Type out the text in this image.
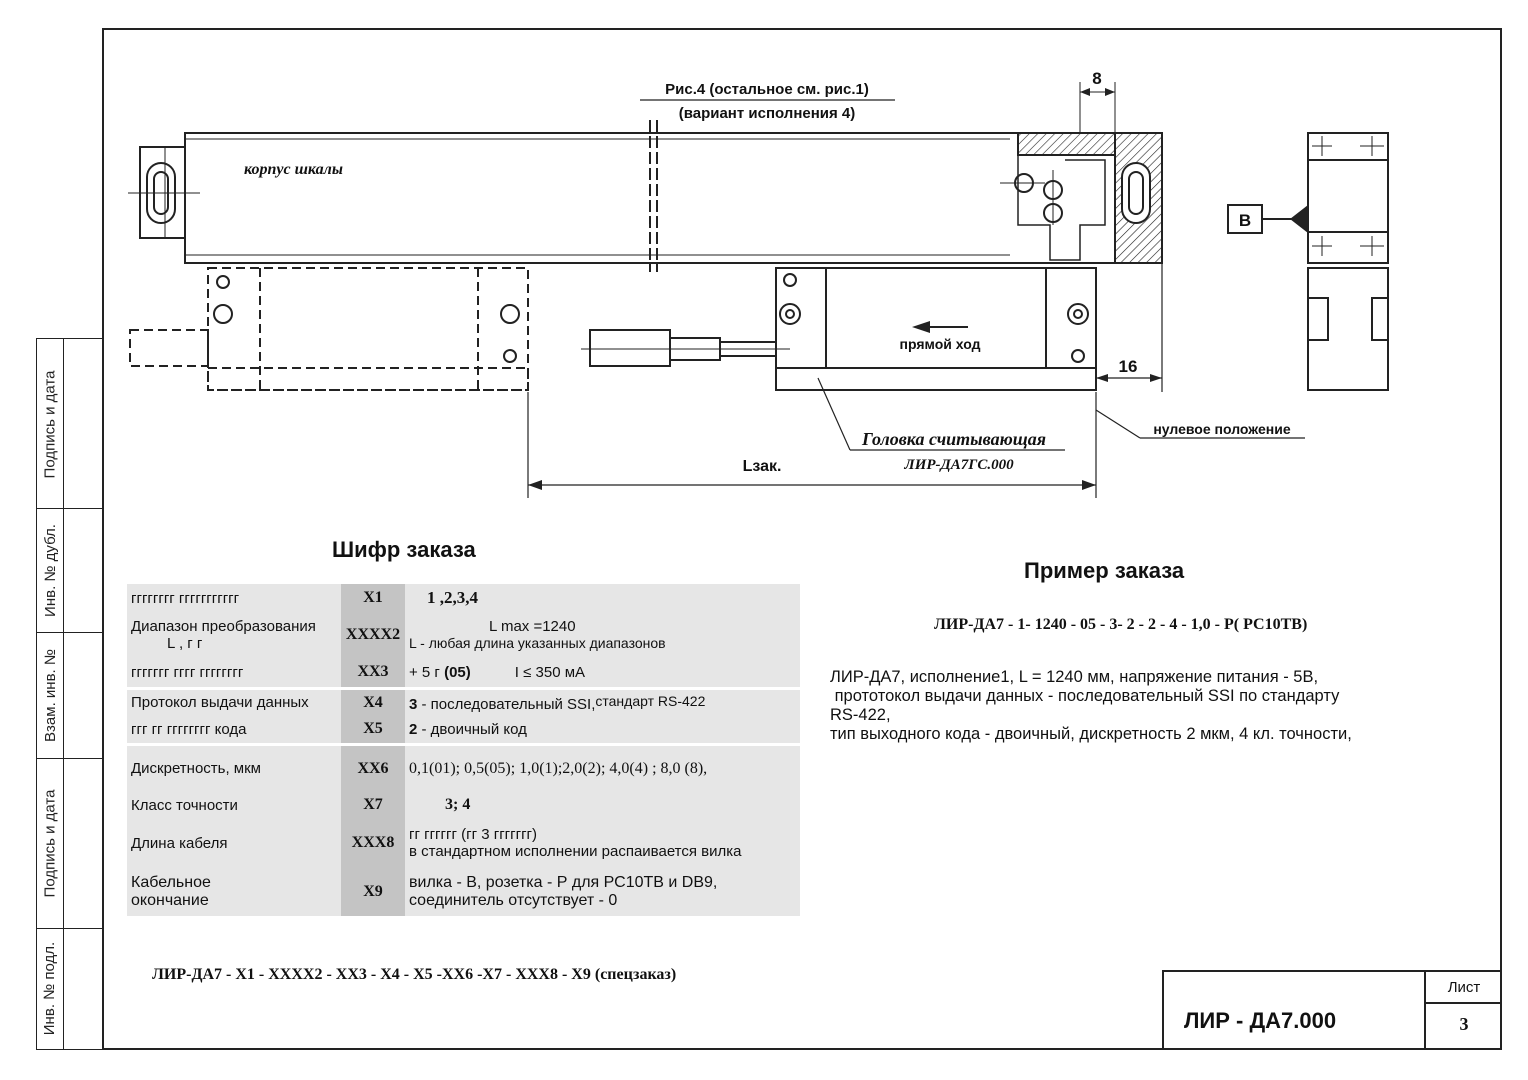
Подпись и дата
Инв. № дубл.
Взам. инв. №
Подпись и дата
Инв. № подл.
Рис.4 (остальное см. рис.1)
(вариант исполнения 4)
корпус шкалы
8
16
В
прямой ход
нулевое положение
Головка считывающая
ЛИР-ДА7ГС.000
Lзак.
Шифр заказа
гггггггг ггггггггггг	X1	1 ,2,3,4
Диапазон преобразования
L , г г	XXXX2	L max =1240
L - любая длина указанных диапазонов
ггггггг гггг гггггггг	XX3	+ 5 г (05) I ≤ 350 мА
Протокол выдачи данных	X4	3 - последовательный SSI,стандарт RS-422
ггг гг гггггггг кода	X5	2 - двоичный код
Дискретность, мкм	XX6	0,1(01); 0,5(05); 1,0(1);2,0(2); 4,0(4) ; 8,0 (8),
Класс точности	X7	3; 4
Длина кабеля	XXX8	гг гггггг (гг 3 ггггггг)
в стандартном исполнении распаивается вилка
Кабельное
окончание	X9	вилка - В, розетка - Р для РС10ТВ и DB9,
соединитель отсутствует - 0
ЛИР-ДА7 - X1 - XXXX2 - XX3 - X4 - X5 -XX6 -X7 - XXX8 - X9 (спецзаказ)
Пример заказа
ЛИР-ДА7 - 1- 1240 - 05 - 3- 2 - 2 - 4 - 1,0 - Р( РС10ТВ)
ЛИР-ДА7, исполнение1, L = 1240 мм, напряжение питания - 5В,
прототокол выдачи данных - последовательный SSI по стандарту
RS-422,
тип выходного кода - двоичный, дискретность 2 мкм, 4 кл. точности,
ЛИР - ДА7.000
Лист
3
